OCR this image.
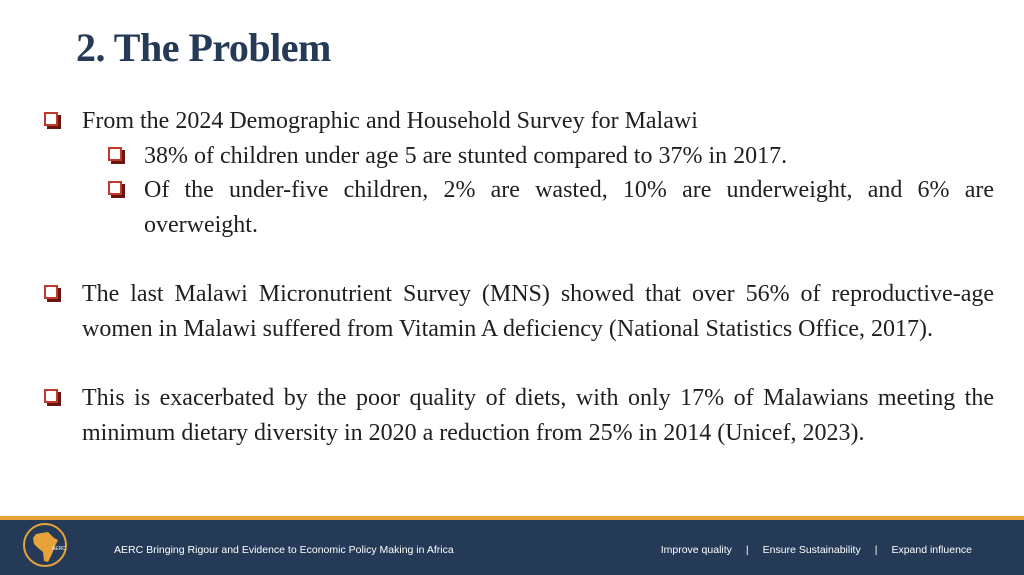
2. The Problem
From the 2024 Demographic and Household Survey for Malawi
38% of children under age 5 are stunted compared to 37% in 2017.
Of the under-five children, 2% are wasted, 10% are underweight, and 6% are overweight.
The last Malawi Micronutrient Survey (MNS) showed that over 56% of reproductive-age women in Malawi suffered from Vitamin A deficiency (National Statistics Office, 2017).
This is exacerbated by the poor quality of diets, with only 17% of Malawians meeting the minimum dietary diversity in 2020 a reduction from 25% in 2014 (Unicef, 2023).
AERC	AERC Bringing Rigour and Evidence to Economic Policy Making in Africa	Improve quality | Ensure Sustainability | Expand influence
